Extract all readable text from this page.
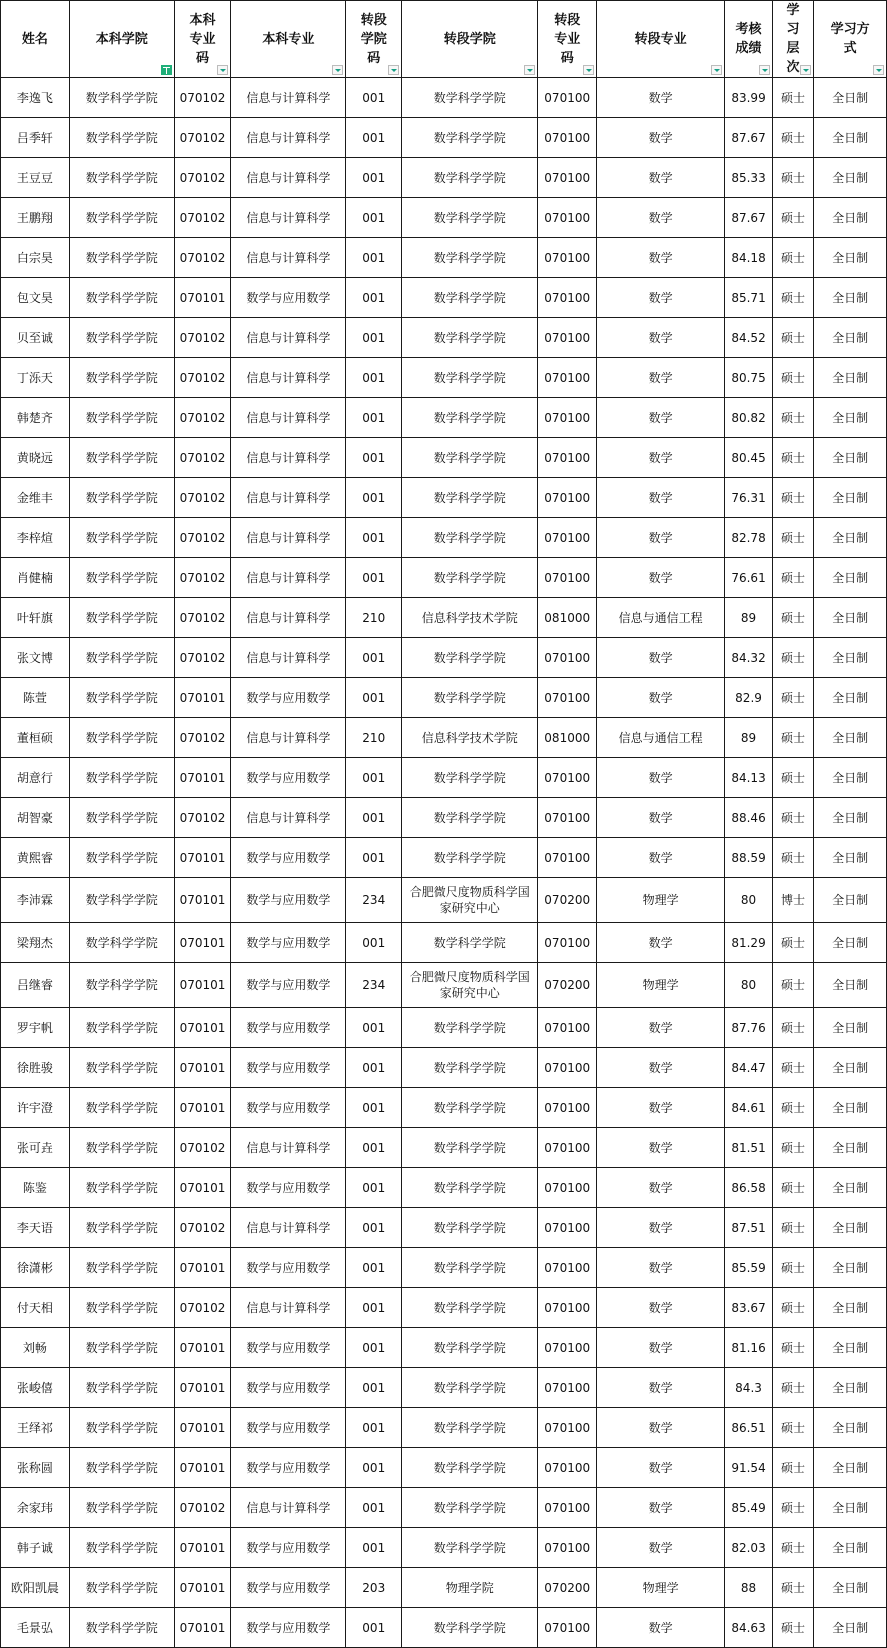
姓名	本科学院	本科专业码	本科专业	转段学院码	转段学院	转段专业码	转段专业	考核成绩	学习层次	学习方式

李逸飞	数学科学学院	070102	信息与计算科学	001	数学科学学院	070100	数学	83.99	硕士	全日制
吕季轩	数学科学学院	070102	信息与计算科学	001	数学科学学院	070100	数学	87.67	硕士	全日制
王豆豆	数学科学学院	070102	信息与计算科学	001	数学科学学院	070100	数学	85.33	硕士	全日制
王鹏翔	数学科学学院	070102	信息与计算科学	001	数学科学学院	070100	数学	87.67	硕士	全日制
白宗昊	数学科学学院	070102	信息与计算科学	001	数学科学学院	070100	数学	84.18	硕士	全日制
包文昊	数学科学学院	070101	数学与应用数学	001	数学科学学院	070100	数学	85.71	硕士	全日制
贝至诚	数学科学学院	070102	信息与计算科学	001	数学科学学院	070100	数学	84.52	硕士	全日制
丁泺天	数学科学学院	070102	信息与计算科学	001	数学科学学院	070100	数学	80.75	硕士	全日制
韩楚齐	数学科学学院	070102	信息与计算科学	001	数学科学学院	070100	数学	80.82	硕士	全日制
黄晓远	数学科学学院	070102	信息与计算科学	001	数学科学学院	070100	数学	80.45	硕士	全日制
金维丰	数学科学学院	070102	信息与计算科学	001	数学科学学院	070100	数学	76.31	硕士	全日制
李梓煊	数学科学学院	070102	信息与计算科学	001	数学科学学院	070100	数学	82.78	硕士	全日制
肖健楠	数学科学学院	070102	信息与计算科学	001	数学科学学院	070100	数学	76.61	硕士	全日制
叶轩旗	数学科学学院	070102	信息与计算科学	210	信息科学技术学院	081000	信息与通信工程	89	硕士	全日制
张文博	数学科学学院	070102	信息与计算科学	001	数学科学学院	070100	数学	84.32	硕士	全日制
陈萱	数学科学学院	070101	数学与应用数学	001	数学科学学院	070100	数学	82.9	硕士	全日制
董桓硕	数学科学学院	070102	信息与计算科学	210	信息科学技术学院	081000	信息与通信工程	89	硕士	全日制
胡意行	数学科学学院	070101	数学与应用数学	001	数学科学学院	070100	数学	84.13	硕士	全日制
胡智豪	数学科学学院	070102	信息与计算科学	001	数学科学学院	070100	数学	88.46	硕士	全日制
黄熙睿	数学科学学院	070101	数学与应用数学	001	数学科学学院	070100	数学	88.59	硕士	全日制
李沛霖	数学科学学院	070101	数学与应用数学	234	合肥微尺度物质科学国家研究中心	070200	物理学	80	博士	全日制
梁翔杰	数学科学学院	070101	数学与应用数学	001	数学科学学院	070100	数学	81.29	硕士	全日制
吕继睿	数学科学学院	070101	数学与应用数学	234	合肥微尺度物质科学国家研究中心	070200	物理学	80	硕士	全日制
罗宇帆	数学科学学院	070101	数学与应用数学	001	数学科学学院	070100	数学	87.76	硕士	全日制
徐胜骏	数学科学学院	070101	数学与应用数学	001	数学科学学院	070100	数学	84.47	硕士	全日制
许宇澄	数学科学学院	070101	数学与应用数学	001	数学科学学院	070100	数学	84.61	硕士	全日制
张可垚	数学科学学院	070102	信息与计算科学	001	数学科学学院	070100	数学	81.51	硕士	全日制
陈鉴	数学科学学院	070101	数学与应用数学	001	数学科学学院	070100	数学	86.58	硕士	全日制
李天语	数学科学学院	070102	信息与计算科学	001	数学科学学院	070100	数学	87.51	硕士	全日制
徐潇彬	数学科学学院	070101	数学与应用数学	001	数学科学学院	070100	数学	85.59	硕士	全日制
付天相	数学科学学院	070102	信息与计算科学	001	数学科学学院	070100	数学	83.67	硕士	全日制
刘畅	数学科学学院	070101	数学与应用数学	001	数学科学学院	070100	数学	81.16	硕士	全日制
张峻僖	数学科学学院	070101	数学与应用数学	001	数学科学学院	070100	数学	84.3	硕士	全日制
王绎祁	数学科学学院	070101	数学与应用数学	001	数学科学学院	070100	数学	86.51	硕士	全日制
张称圆	数学科学学院	070101	数学与应用数学	001	数学科学学院	070100	数学	91.54	硕士	全日制
余家玮	数学科学学院	070102	信息与计算科学	001	数学科学学院	070100	数学	85.49	硕士	全日制
韩子诚	数学科学学院	070101	数学与应用数学	001	数学科学学院	070100	数学	82.03	硕士	全日制
欧阳凯晨	数学科学学院	070101	数学与应用数学	203	物理学院	070200	物理学	88	硕士	全日制
毛景弘	数学科学学院	070101	数学与应用数学	001	数学科学学院	070100	数学	84.63	硕士	全日制
